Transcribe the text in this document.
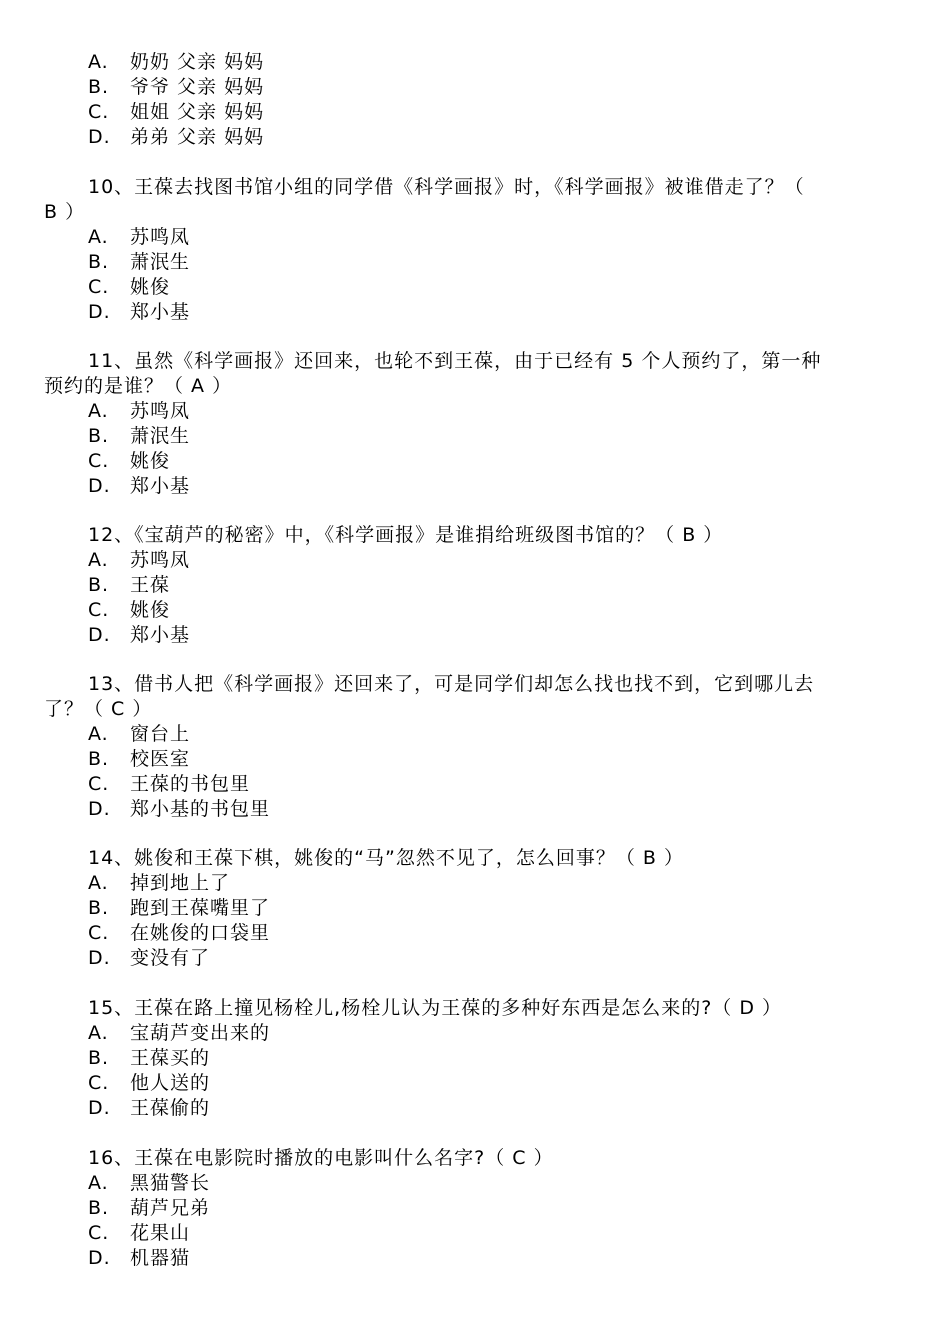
A. 奶奶 父亲 妈妈
B. 爷爷 父亲 妈妈
C. 姐姐 父亲 妈妈
D. 弟弟 父亲 妈妈
10、王葆去找图书馆小组的同学借《科学画报》时，《科学画报》被谁借走了？（
B ）
A. 苏鸣凤
B. 萧泯生
C. 姚俊
D. 郑小基
11、虽然《科学画报》还回来，也轮不到王葆，由于已经有 5 个人预约了，第一种
预约的是谁？（ A ）
A. 苏鸣凤
B. 萧泯生
C. 姚俊
D. 郑小基
12、《宝葫芦的秘密》中，《科学画报》是谁捐给班级图书馆的？（ B ）
A. 苏鸣凤
B. 王葆
C. 姚俊
D. 郑小基
13、借书人把《科学画报》还回来了，可是同学们却怎么找也找不到，它到哪儿去
了？（ C ）
A. 窗台上
B. 校医室
C. 王葆的书包里
D. 郑小基的书包里
14、姚俊和王葆下棋，姚俊的“马”忽然不见了，怎么回事？（ B ）
A. 掉到地上了
B. 跑到王葆嘴里了
C. 在姚俊的口袋里
D. 变没有了
15、王葆在路上撞见杨栓儿,杨栓儿认为王葆的多种好东西是怎么来的?（ D ）
A. 宝葫芦变出来的
B. 王葆买的
C. 他人送的
D. 王葆偷的
16、王葆在电影院时播放的电影叫什么名字?（ C ）
A. 黑猫警长
B. 葫芦兄弟
C. 花果山
D. 机器猫
